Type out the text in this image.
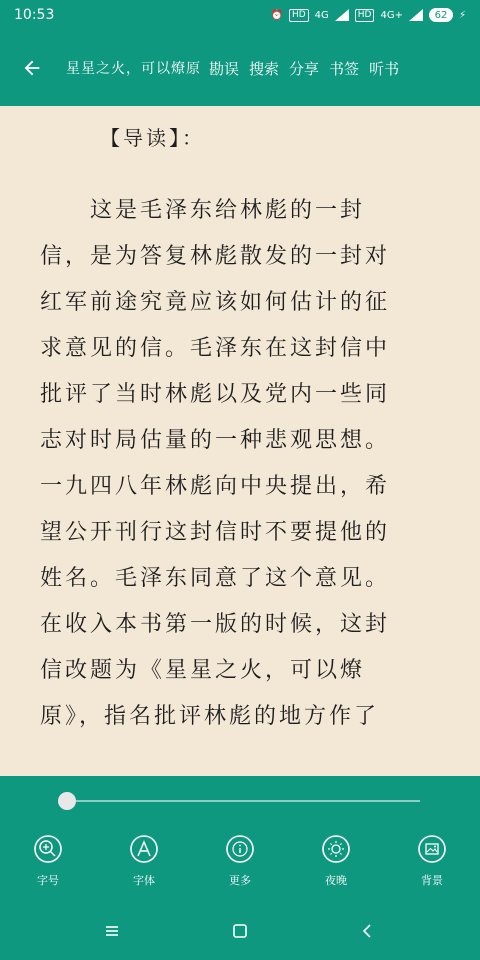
10:53	⏰	HD 4G	HD 4G+	62	⚡
星星之火，可以燎原 勘误 搜索 分享 书签 听书
【导读】：
　　这是毛泽东给林彪的一封
信，是为答复林彪散发的一封对
红军前途究竟应该如何估计的征
求意见的信。毛泽东在这封信中
批评了当时林彪以及党内一些同
志对时局估量的一种悲观思想。
一九四八年林彪向中央提出，希
望公开刊行这封信时不要提他的
姓名。毛泽东同意了这个意见。
在收入本书第一版的时候，这封
信改题为《星星之火，可以燎
原》，指名批评林彪的地方作了
字号	字体	更多	夜晚	背景
